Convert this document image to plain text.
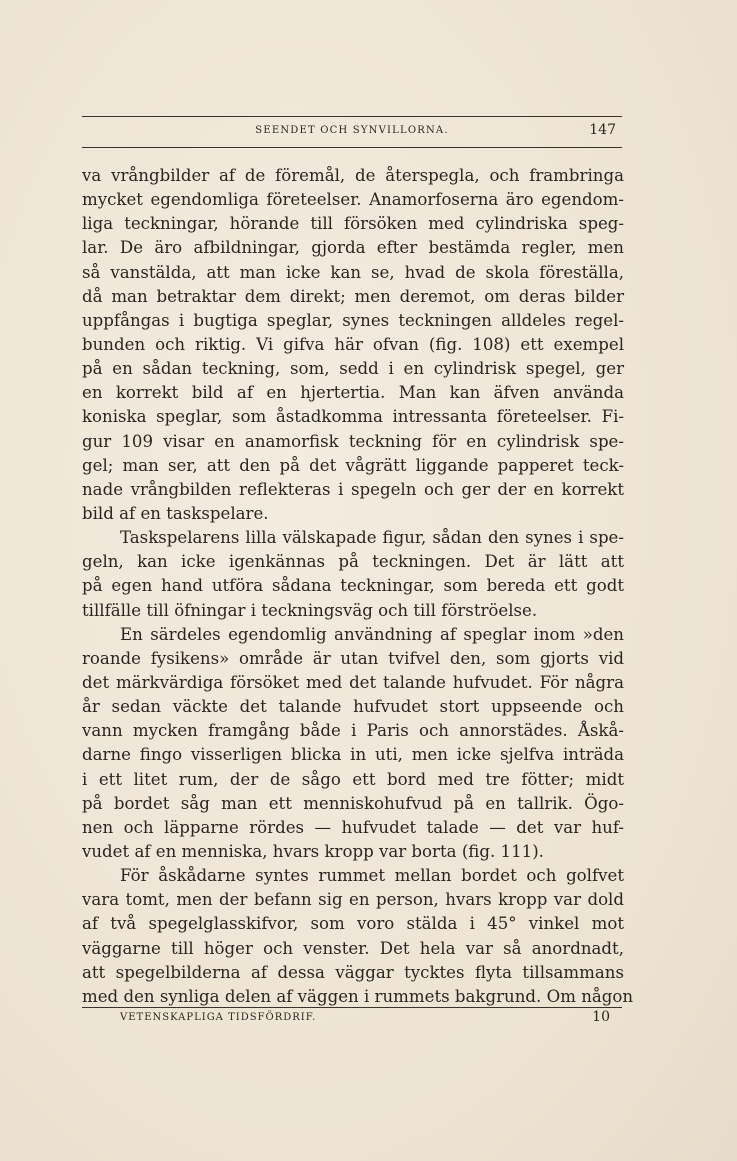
SEENDET OCH SYNVILLORNA.	147
va vrångbilder af de föremål, de återspegla, och frambringa
mycket egendomliga företeelser. Anamorfoserna äro egendom-
liga teckningar, hörande till försöken med cylindriska speg-
lar. De äro afbildningar, gjorda efter bestämda regler, men
så vanstälda, att man icke kan se, hvad de skola föreställa,
då man betraktar dem direkt; men deremot, om deras bilder
uppfångas i bugtiga speglar, synes teckningen alldeles regel-
bunden och riktig. Vi gifva här ofvan (fig. 108) ett exempel
på en sådan teckning, som, sedd i en cylindrisk spegel, ger
en korrekt bild af en hjertertia. Man kan äfven använda
koniska speglar, som åstadkomma intressanta företeelser. Fi-
gur 109 visar en anamorfisk teckning för en cylindrisk spe-
gel; man ser, att den på det vågrätt liggande papperet teck-
nade vrångbilden reflekteras i spegeln och ger der en korrekt
bild af en taskspelare.
Taskspelarens lilla välskapade figur, sådan den synes i spe-
geln, kan icke igenkännas på teckningen. Det är lätt att
på egen hand utföra sådana teckningar, som bereda ett godt
tillfälle till öfningar i teckningsväg och till förströelse.
En särdeles egendomlig användning af speglar inom »den
roande fysikens» område är utan tvifvel den, som gjorts vid
det märkvärdiga försöket med det talande hufvudet. För några
år sedan väckte det talande hufvudet stort uppseende och
vann mycken framgång både i Paris och annorstädes. Åskå-
darne fingo visserligen blicka in uti, men icke sjelfva inträda
i ett litet rum, der de sågo ett bord med tre fötter; midt
på bordet såg man ett menniskohufvud på en tallrik. Ögo-
nen och läpparne rördes — hufvudet talade — det var huf-
vudet af en menniska, hvars kropp var borta (fig. 111).
För åskådarne syntes rummet mellan bordet och golfvet
vara tomt, men der befann sig en person, hvars kropp var dold
af två spegelglasskifvor, som voro stälda i 45° vinkel mot
väggarne till höger och venster. Det hela var så anordnadt,
att spegelbilderna af dessa väggar tycktes flyta tillsammans
med den synliga delen af väggen i rummets bakgrund. Om någon
VETENSKAPLIGA TIDSFÖRDRIF.	10
